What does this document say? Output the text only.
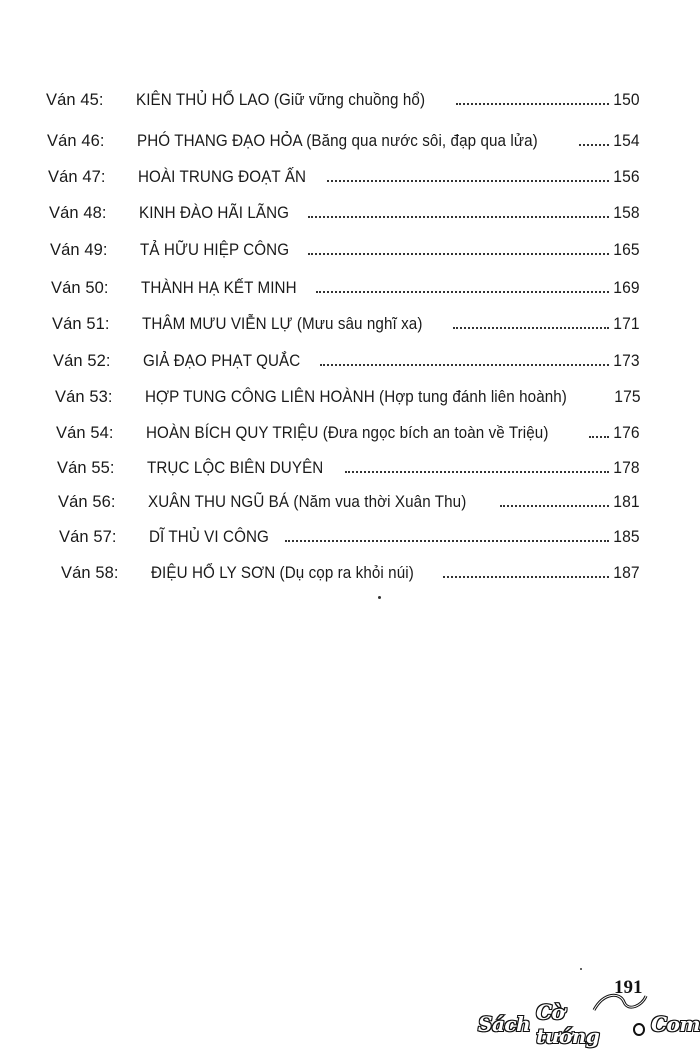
Ván 45:	KIÊN THỦ HỔ LAO (Giữ vững chuồng hổ)	150
Ván 46:	PHÓ THANG ĐẠO HỎA (Băng qua nước sôi, đạp qua lửa)	154
Ván 47:	HOÀI TRUNG ĐOẠT ẤN	156
Ván 48:	KINH ĐÀO HÃI LÃNG	158
Ván 49:	TẢ HỮU HIỆP CÔNG	165
Ván 50:	THÀNH HẠ KẾT MINH	169
Ván 51:	THÂM MƯU VIỄN LỰ (Mưu sâu nghĩ xa)	171
Ván 52:	GIẢ ĐẠO PHẠT QUẮC	173
Ván 53:	HỢP TUNG CÔNG LIÊN HOÀNH (Hợp tung đánh liên hoành)	175
Ván 54:	HOÀN BÍCH QUY TRIỆU (Đưa ngọc bích an toàn về Triệu)	176
Ván 55:	TRỤC LỘC BIÊN DUYÊN	178
Ván 56:	XUÂN THU NGŨ BÁ (Năm vua thời Xuân Thu)	181
Ván 57:	DĨ THỦ VI CÔNG	185
Ván 58:	ĐIỆU HỔ LY SƠN (Dụ cọp ra khỏi núi)	187
191
Sách Cờ tướng	Com
